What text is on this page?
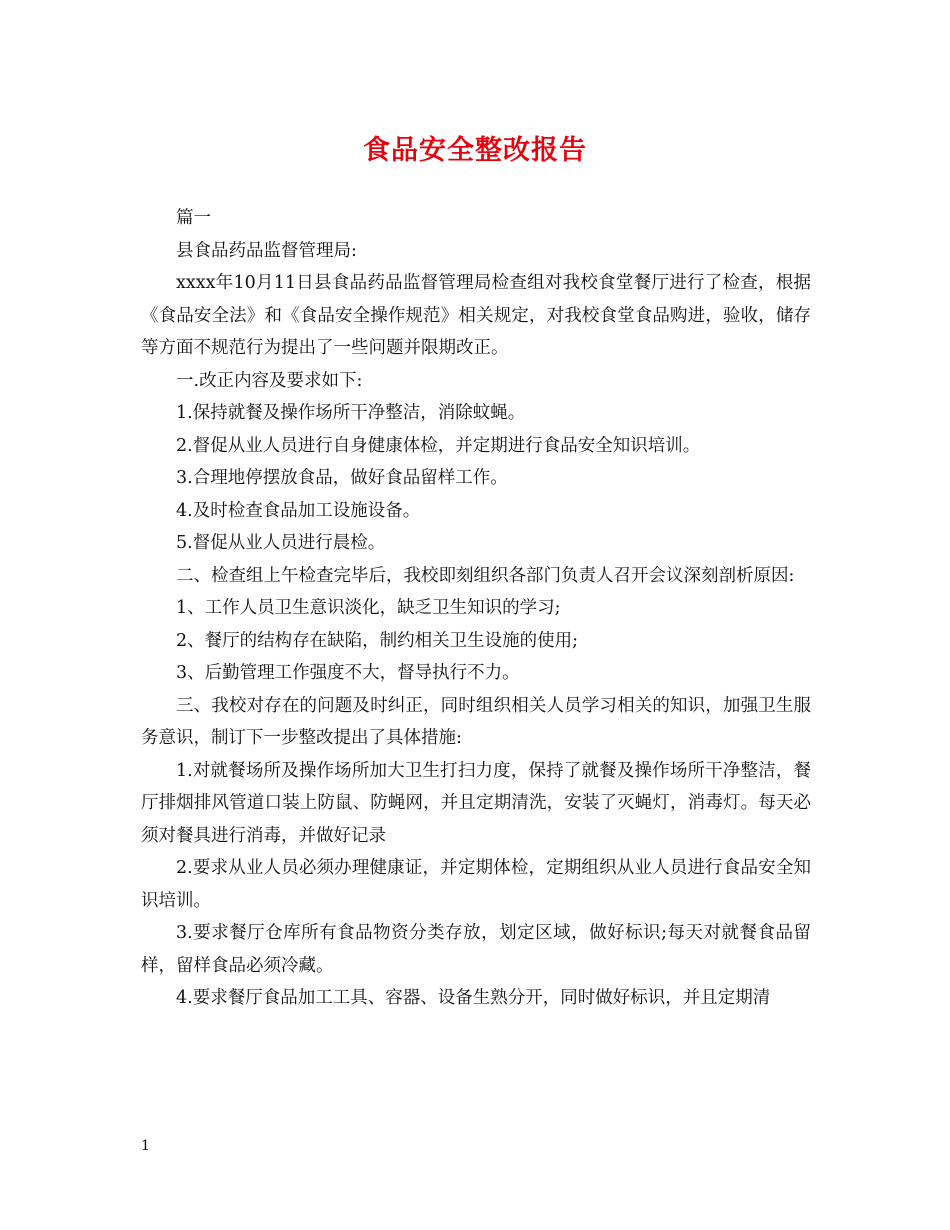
食品安全整改报告

篇一

县食品药品监督管理局:

xxxx年10月11日县食品药品监督管理局检查组对我校食堂餐厅进行了检查，根据《食品安全法》和《食品安全操作规范》相关规定，对我校食堂食品购进，验收，储存等方面不规范行为提出了一些问题并限期改正。

一.改正内容及要求如下:

1.保持就餐及操作场所干净整洁，消除蚊蝇。

2.督促从业人员进行自身健康体检，并定期进行食品安全知识培训。

3.合理地停摆放食品，做好食品留样工作。

4.及时检查食品加工设施设备。

5.督促从业人员进行晨检。

二、检查组上午检查完毕后，我校即刻组织各部门负责人召开会议深刻剖析原因:

1、工作人员卫生意识淡化，缺乏卫生知识的学习;

2、餐厅的结构存在缺陷，制约相关卫生设施的使用;

3、后勤管理工作强度不大，督导执行不力。

三、我校对存在的问题及时纠正，同时组织相关人员学习相关的知识，加强卫生服务意识，制订下一步整改提出了具体措施:

1.对就餐场所及操作场所加大卫生打扫力度，保持了就餐及操作场所干净整洁，餐厅排烟排风管道口装上防鼠、防蝇网，并且定期清洗，安装了灭蝇灯，消毒灯。每天必须对餐具进行消毒，并做好记录

2.要求从业人员必须办理健康证，并定期体检，定期组织从业人员进行食品安全知识培训。

3.要求餐厅仓库所有食品物资分类存放，划定区域，做好标识;每天对就餐食品留样，留样食品必须冷藏。

4.要求餐厅食品加工工具、容器、设备生熟分开，同时做好标识，并且定期清

1
